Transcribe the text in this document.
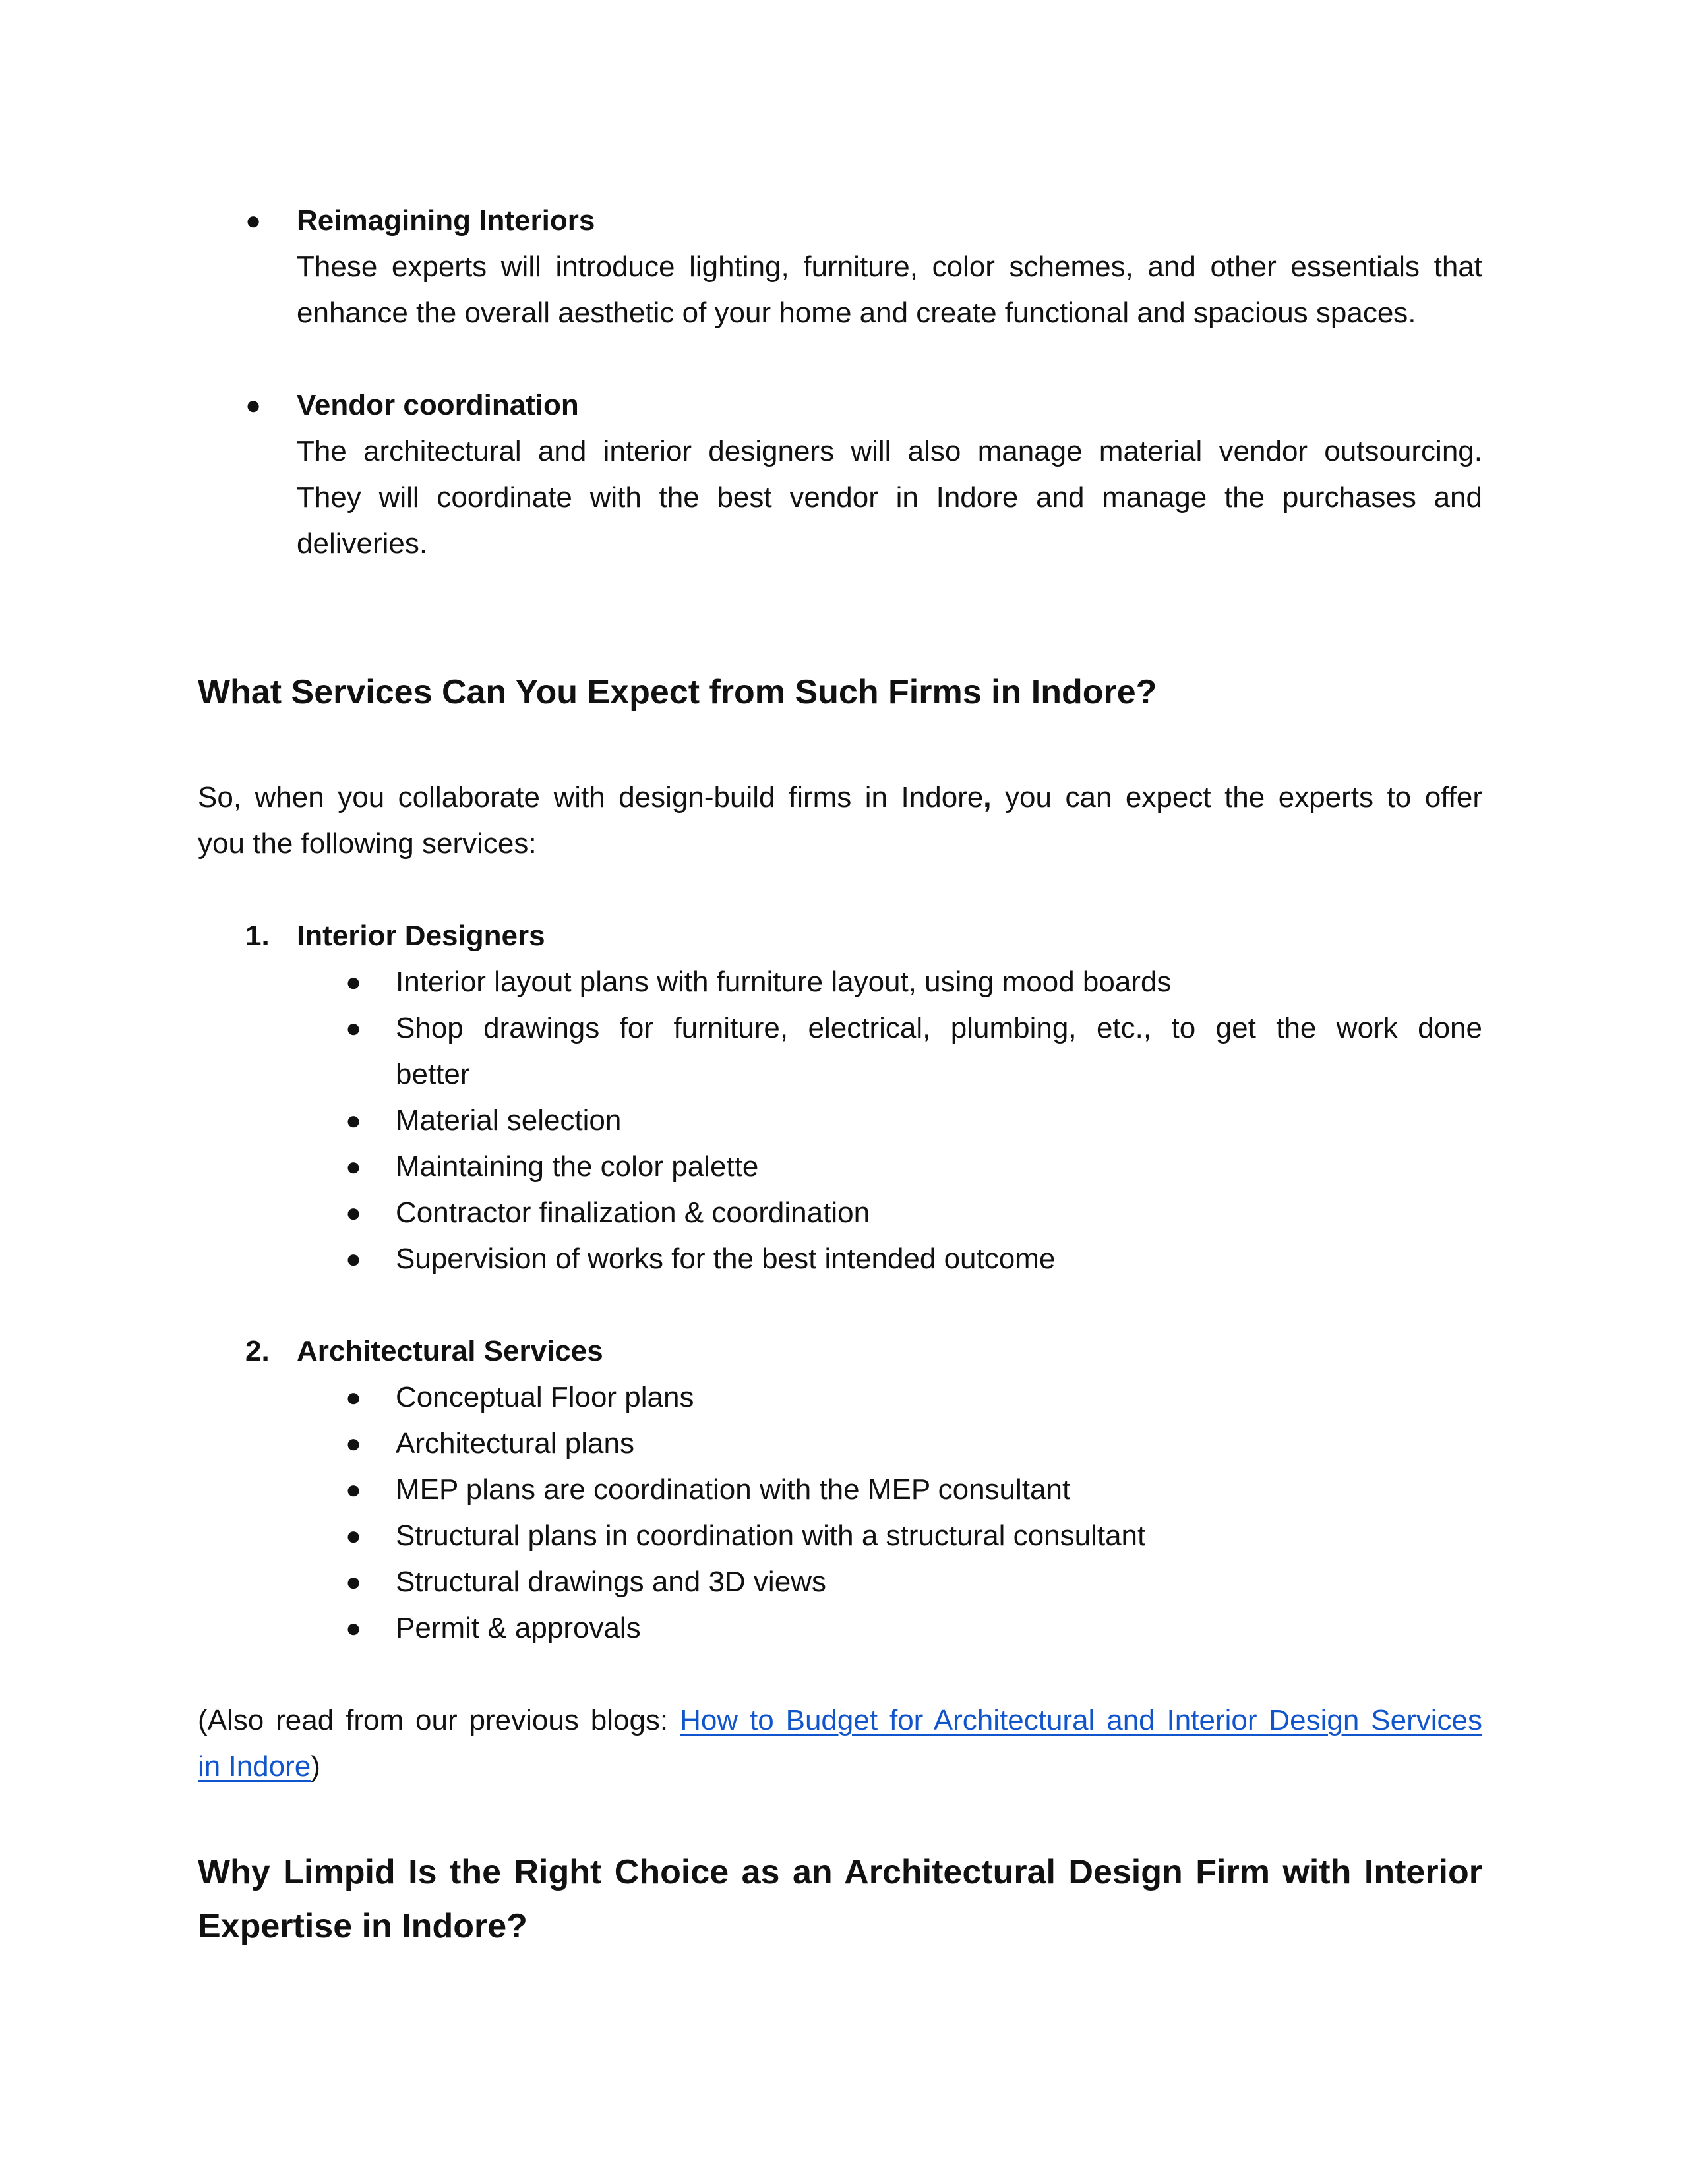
● Reimagining Interiors
These experts will introduce lighting, furniture, color schemes, and other essentials that
enhance the overall aesthetic of your home and create functional and spacious spaces.
● Vendor coordination
The architectural and interior designers will also manage material vendor outsourcing.
They will coordinate with the best vendor in Indore and manage the purchases and
deliveries.
What Services Can You Expect from Such Firms in Indore?
So, when you collaborate with design-build firms in Indore, you can expect the experts to offer
you the following services:
1. Interior Designers
● Interior layout plans with furniture layout, using mood boards
● Shop drawings for furniture, electrical, plumbing, etc., to get the work done
better
● Material selection
● Maintaining the color palette
● Contractor finalization & coordination
● Supervision of works for the best intended outcome
2. Architectural Services
● Conceptual Floor plans
● Architectural plans
● MEP plans are coordination with the MEP consultant
● Structural plans in coordination with a structural consultant
● Structural drawings and 3D views
● Permit & approvals
(Also read from our previous blogs: How to Budget for Architectural and Interior Design Services
in Indore)
Why Limpid Is the Right Choice as an Architectural Design Firm with Interior
Expertise in Indore?
